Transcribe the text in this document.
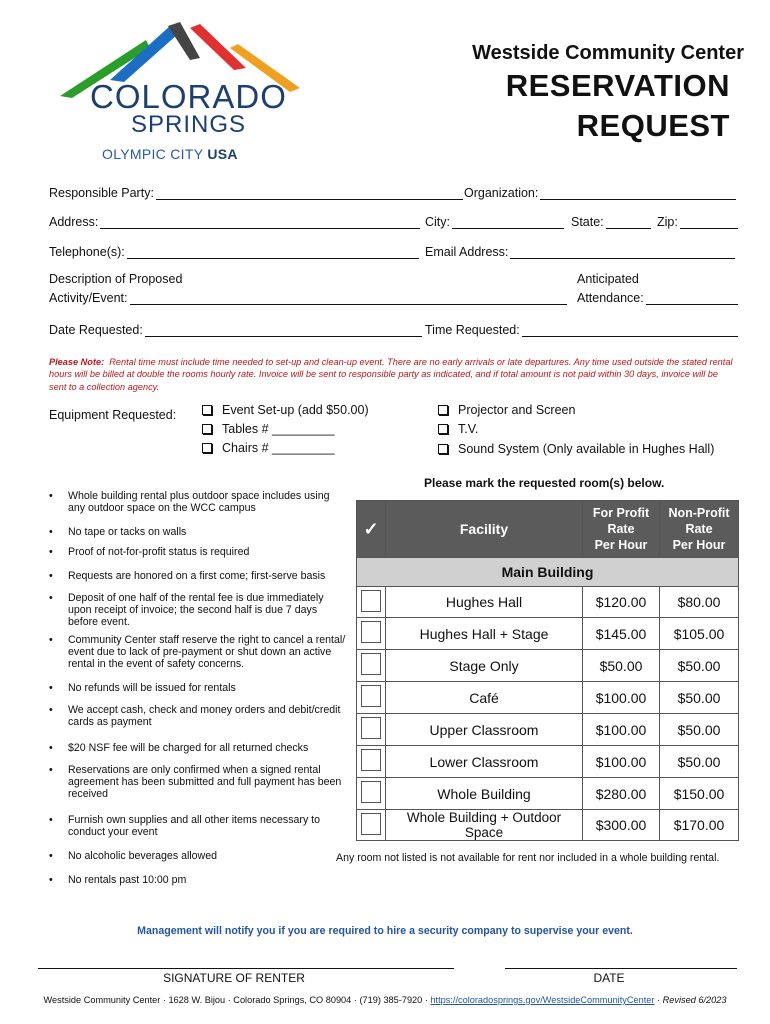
COLORADO
SPRINGS
OLYMPIC CITY USA
Westside Community Center
RESERVATION
REQUEST
Responsible Party:	Organization:
Address:	City:	State:	Zip:
Telephone(s):	Email Address:
Description of Proposed
Activity/Event:
Anticipated
Attendance:
Date Requested:	Time Requested:
Please Note: Rental time must include time needed to set-up and clean-up event. There are no early arrivals or late departures. Any time used outside the stated rental hours will be billed at double the rooms hourly rate. Invoice will be sent to responsible party as indicated, and if total amount is not paid within 30 days, invoice will be sent to a collection agency.
Equipment Requested:	Event Set-up (add $50.00)
Tables # _________
Chairs # _________
Projector and Screen
T.V.
Sound System (Only available in Hughes Hall)
Please mark the requested room(s) below.
• Whole building rental plus outdoor space includes using any outdoor space on the WCC campus
• No tape or tacks on walls
• Proof of not-for-profit status is required
• Requests are honored on a first come; first-serve basis
• Deposit of one half of the rental fee is due immediately upon receipt of invoice; the second half is due 7 days before event.
• Community Center staff reserve the right to cancel a rental/ event due to lack of pre-payment or shut down an active rental in the event of safety concerns.
• No refunds will be issued for rentals
• We accept cash, check and money orders and debit/credit cards as payment
• $20 NSF fee will be charged for all returned checks
• Reservations are only confirmed when a signed rental agreement has been submitted and full payment has been received
• Furnish own supplies and all other items necessary to conduct your event
• No alcoholic beverages allowed
• No rentals past 10:00 pm
✓	Facility	For Profit
Rate
Per Hour	Non-Profit
Rate
Per Hour
Main Building			
	Hughes Hall	$120.00	$80.00
	Hughes Hall + Stage	$145.00	$105.00
	Stage Only	$50.00	$50.00
	Café	$100.00	$50.00
	Upper Classroom	$100.00	$50.00
	Lower Classroom	$100.00	$50.00
	Whole Building	$280.00	$150.00
	Whole Building + Outdoor Space	$300.00	$170.00
Any room not listed is not available for rent nor included in a whole building rental.
Management will notify you if you are required to hire a security company to supervise your event.
SIGNATURE OF RENTER	DATE
Westside Community Center · 1628 W. Bijou · Colorado Springs, CO 80904 · (719) 385-7920 · https://coloradosprings.gov/WestsideCommunityCenter · Revised 6/2023
